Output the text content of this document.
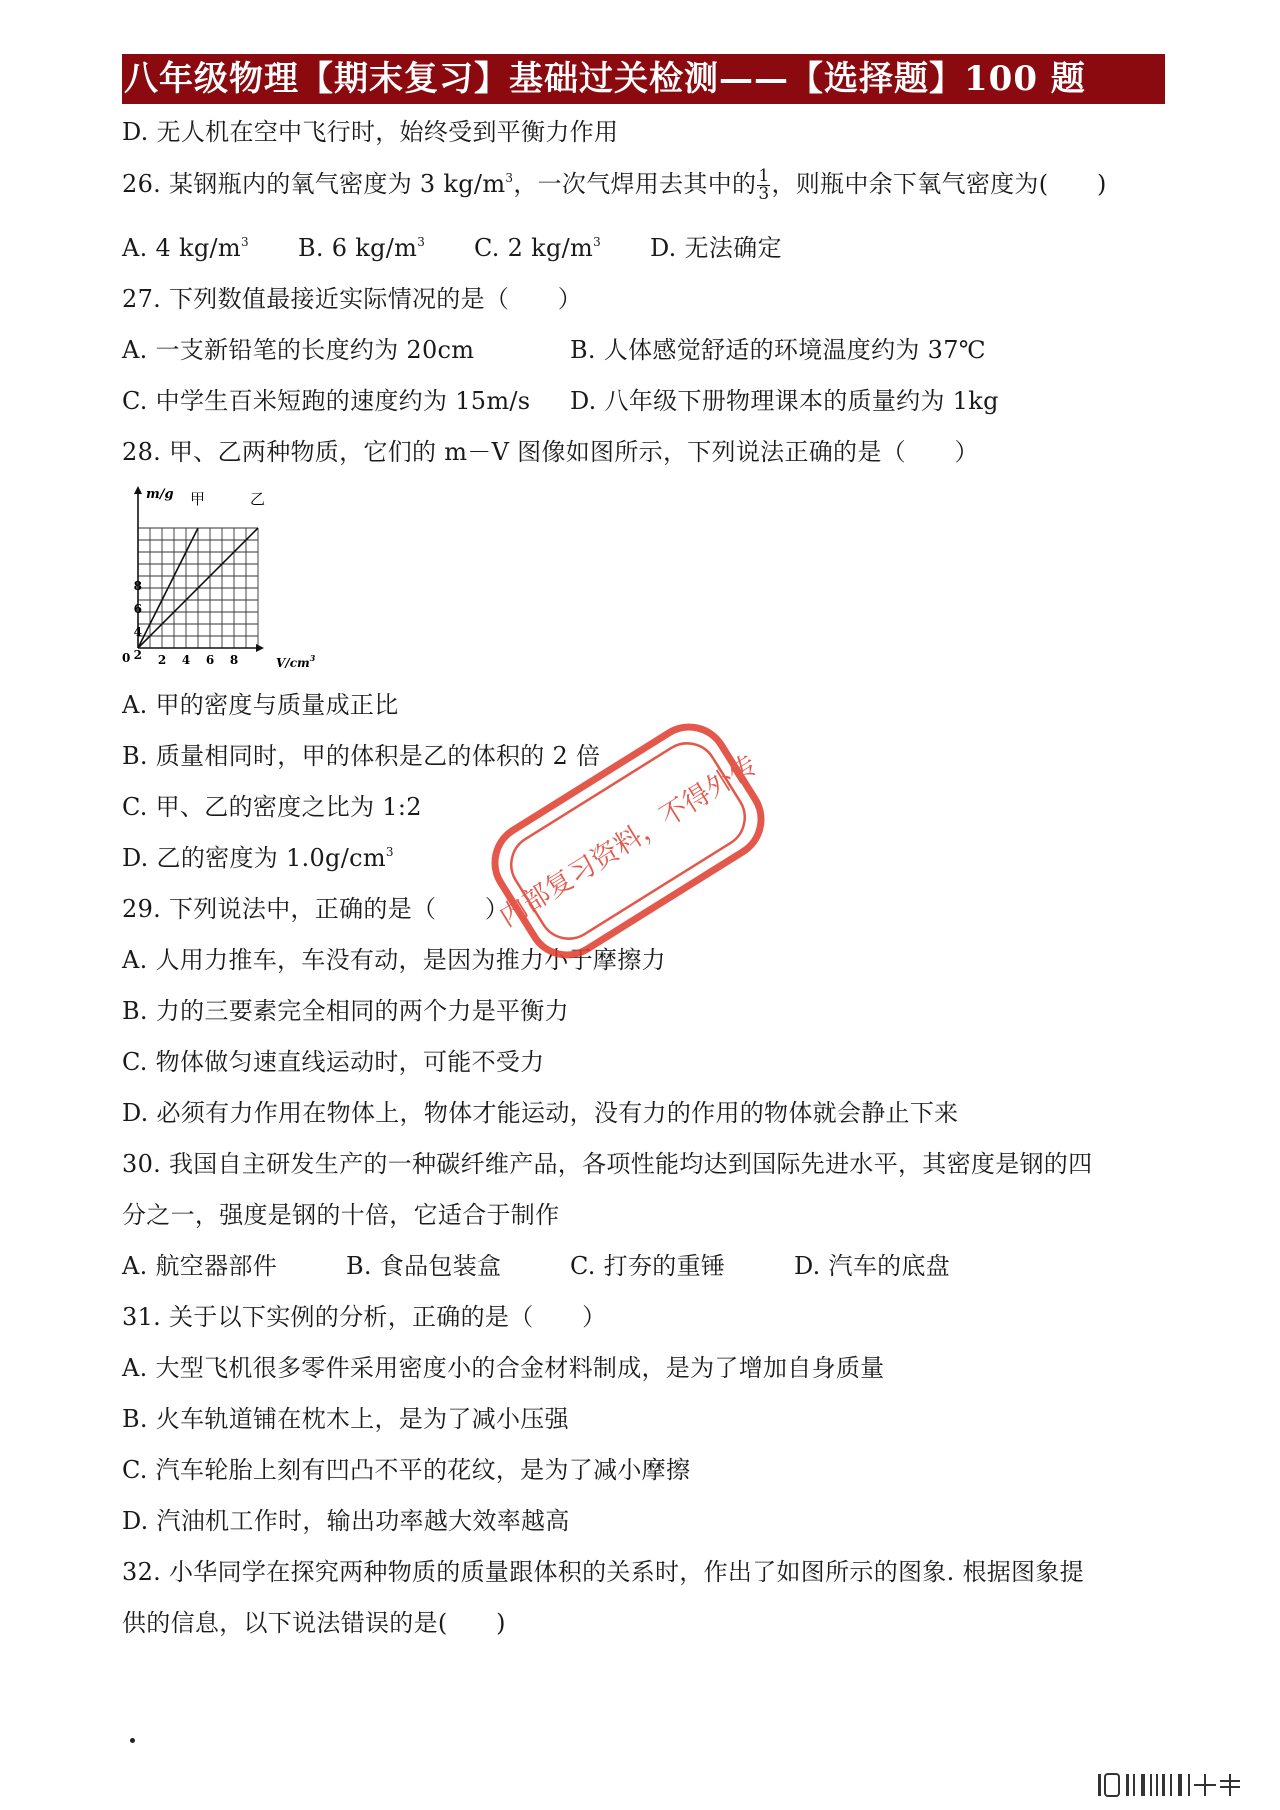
八年级物理【期末复习】基础过关检测——【选择题】100 题
D. 无人机在空中飞行时，始终受到平衡力作用
26. 某钢瓶内的氧气密度为 3 $kg/m^3$，一次气焊用去其中的 $\frac{1}{3}$ ，则瓶中余下氧气密度为(　　)
A. 4 $kg/m^3$ B. 6 $kg/m^3$ C. 2 $kg/m^3$ D. 无法确定
27. 下列数值最接近实际情况的是（　　）
A. 一支新铅笔的长度约为 20cm	B. 人体感觉舒适的环境温度约为 37℃
C. 中学生百米短跑的速度约为 15m/s D. 八年级下册物理课本的质量约为 1kg
28. 甲、乙两种物质，它们的 m－V 图像如图所示，下列说法正确的是（　　）
m/g 甲	乙
0
8
6
4
2 2 4 6 8	$V/cm^3$
A. 甲的密度与质量成正比
B. 质量相同时，甲的体积是乙的体积的 2 倍
C. 甲、乙的密度之比为 1:2
D. 乙的密度为 $1.0g/cm^3$
29. 下列说法中，正确的是（　　）
A. 人用力推车，车没有动，是因为推力小于摩擦力
B. 力的三要素完全相同的两个力是平衡力
C. 物体做匀速直线运动时，可能不受力
D. 必须有力作用在物体上，物体才能运动，没有力的作用的物体就会静止下来
30. 我国自主研发生产的一种碳纤维产品，各项性能均达到国际先进水平，其密度是钢的四
分之一，强度是钢的十倍，它适合于制作
A. 航空器部件	B. 食品包装盒	C. 打夯的重锤	D. 汽车的底盘
31. 关于以下实例的分析，正确的是（　　）
A. 大型飞机很多零件采用密度小的合金材料制成，是为了增加自身质量
B. 火车轨道铺在枕木上，是为了减小压强
C. 汽车轮胎上刻有凹凸不平的花纹，是为了减小摩擦
D. 汽油机工作时，输出功率越大效率越高
32. 小华同学在探究两种物质的质量跟体积的关系时，作出了如图所示的图象. 根据图象提
供的信息，以下说法错误的是(　　)
内部复习资料，不得外传
